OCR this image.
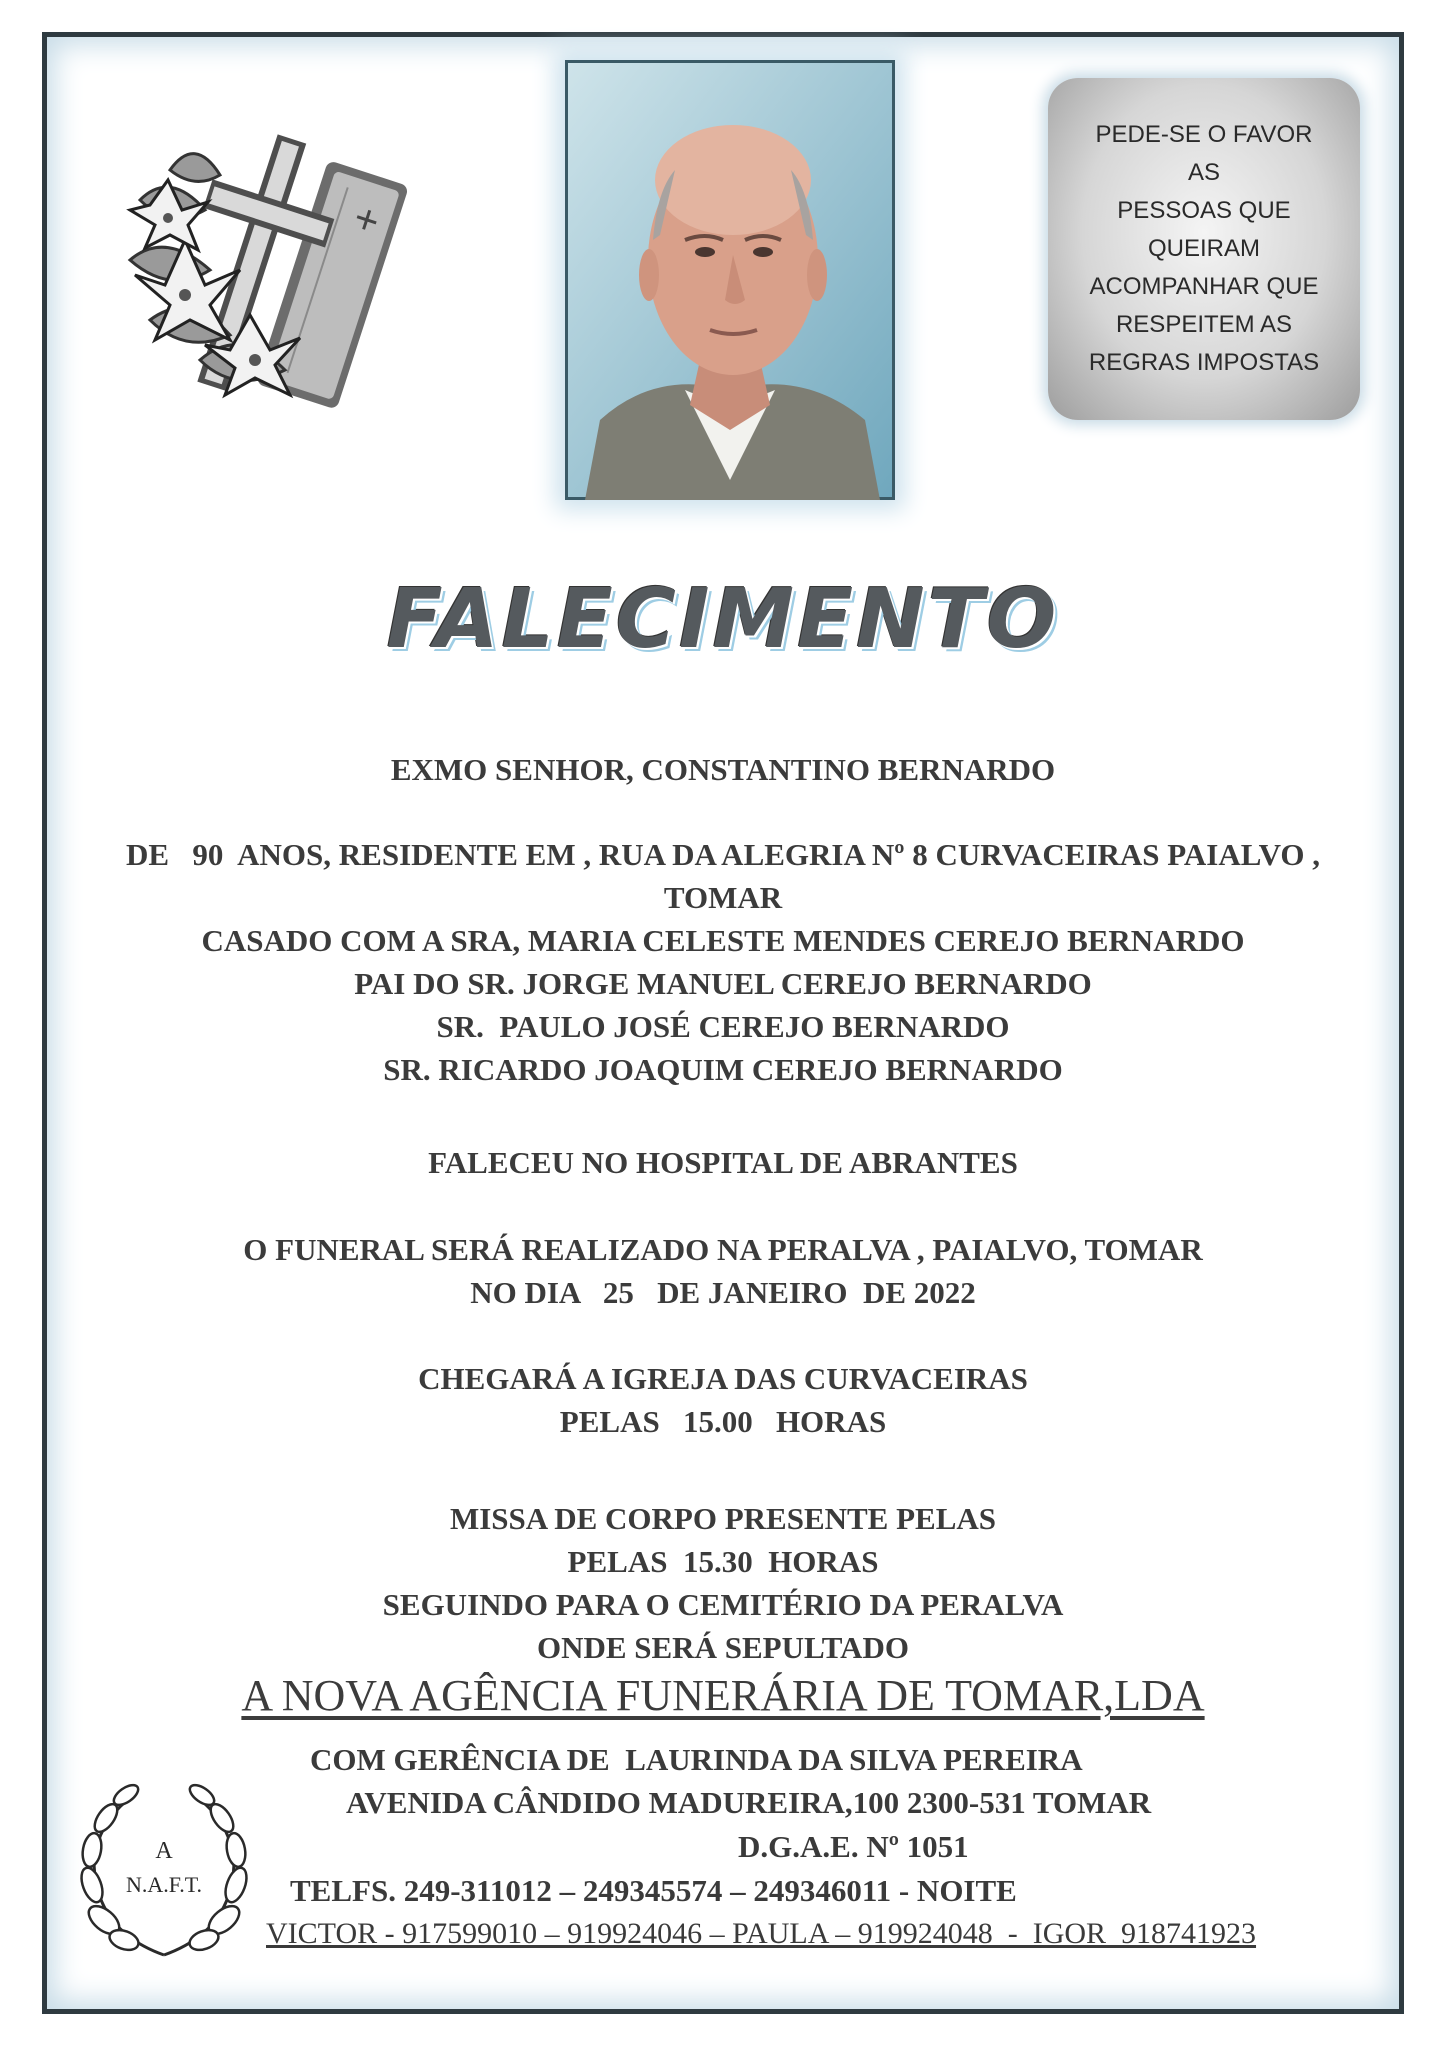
PEDE-SE O FAVOR AS
PESSOAS QUE
QUEIRAM
ACOMPANHAR QUE
RESPEITEM AS
REGRAS IMPOSTAS
FALECIMENTO
EXMO SENHOR, CONSTANTINO BERNARDO
DE   90  ANOS, RESIDENTE EM , RUA DA ALEGRIA Nº 8 CURVACEIRAS PAIALVO ,
TOMAR
CASADO COM A SRA, MARIA CELESTE MENDES CEREJO BERNARDO
PAI DO SR. JORGE MANUEL CEREJO BERNARDO
SR.  PAULO JOSÉ CEREJO BERNARDO
SR. RICARDO JOAQUIM CEREJO BERNARDO
FALECEU NO HOSPITAL DE ABRANTES
O FUNERAL SERÁ REALIZADO NA PERALVA , PAIALVO, TOMAR
NO DIA   25   DE JANEIRO  DE 2022
CHEGARÁ A IGREJA DAS CURVACEIRAS
PELAS   15.00   HORAS
MISSA DE CORPO PRESENTE PELAS
PELAS  15.30  HORAS
SEGUINDO PARA O CEMITÉRIO DA PERALVA
ONDE SERÁ SEPULTADO
A NOVA AGÊNCIA FUNERÁRIA DE TOMAR,LDA
COM GERÊNCIA DE  LAURINDA DA SILVA PEREIRA
AVENIDA CÂNDIDO MADUREIRA,100 2300-531 TOMAR
D.G.A.E. Nº 1051
TELFS. 249-311012 – 249345574 – 249346011 - NOITE
VICTOR - 917599010 – 919924046 – PAULA – 919924048  -  IGOR  918741923
A
N.A.F.T.
